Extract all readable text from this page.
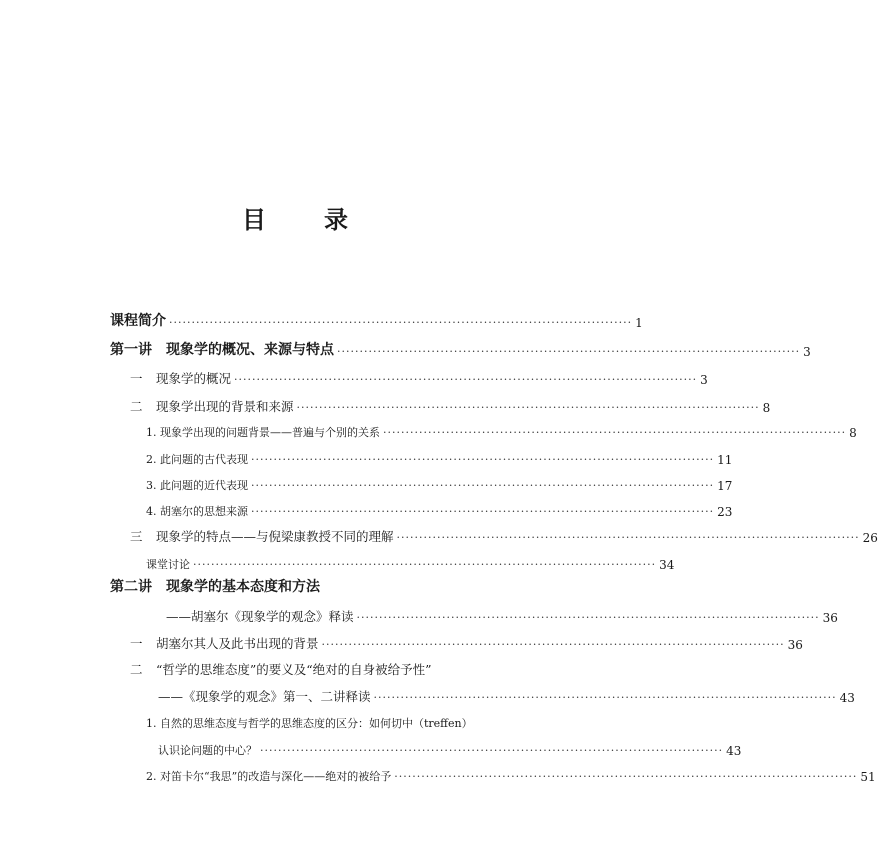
目 录
课程简介 ······································································································· 1
第一讲　现象学的概况、来源与特点 ······································································································· 3
一 现象学的概况 ······································································································· 3
二 现象学出现的背景和来源 ······································································································· 8
1. 现象学出现的问题背景——普遍与个别的关系 ······································································································· 8
2. 此问题的古代表现 ······································································································· 11
3. 此问题的近代表现 ······································································································· 17
4. 胡塞尔的思想来源 ······································································································· 23
三 现象学的特点——与倪梁康教授不同的理解 ······································································································· 26
课堂讨论 ······································································································· 34
第二讲　现象学的基本态度和方法
——胡塞尔《现象学的观念》释读 ······································································································· 36
一 胡塞尔其人及此书出现的背景 ······································································································· 36
二 “哲学的思维态度”的要义及“绝对的自身被给予性”
——《现象学的观念》第一、二讲释读 ······································································································· 43
1. 自然的思维态度与哲学的思维态度的区分：如何切中（treffen）
认识论问题的中心？ ······································································································· 43
2. 对笛卡尔“我思”的改造与深化——绝对的被给予 ······································································································· 51
